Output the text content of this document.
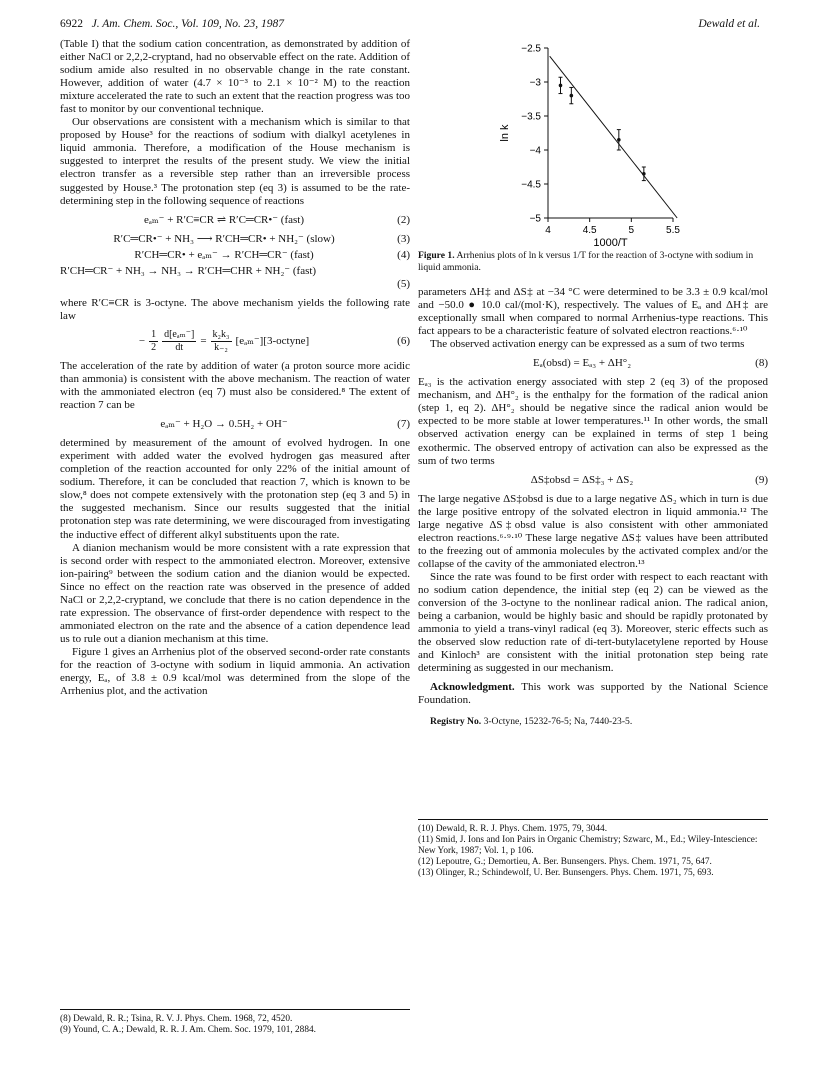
6922 J. Am. Chem. Soc., Vol. 109, No. 23, 1987	Dewald et al.

(Table I) that the sodium cation concentration, as demonstrated by addition of either NaCl or 2,2,2-cryptand, had no observable effect on the rate. Addition of sodium amide also resulted in no observable change in the rate constant. However, addition of water (4.7 × 10⁻³ to 2.1 × 10⁻² M) to the reaction mixture accelerated the rate to such an extent that the reaction progress was too fast to monitor by our conventional technique.

Our observations are consistent with a mechanism which is similar to that proposed by House³ for the reactions of sodium with dialkyl acetylenes in liquid ammonia. Therefore, a modification of the House mechanism is suggested to interpret the results of the present study. We view the initial electron transfer as a reversible step rather than an irreversible process suggested by House.³ The protonation step (eq 3) is assumed to be the rate-determining step in the following sequence of reactions

eₐₘ⁻ + R′C≡CR ⇌ R′C═CR•⁻ (fast)	(2)
R′C═CR•⁻ + NH₃ ⟶ R′CH═CR• + NH₂⁻ (slow)	(3)
R′CH═CR• + eₐₘ⁻ → R′CH═CR⁻ (fast)	(4)
R′CH═CR⁻ + NH₃ → NH₃ → R′CH═CHR + NH₂⁻ (fast)
(5)

where R′C≡CR is 3-octyne. The above mechanism yields the following rate law

− $\frac{1}{2} \frac{\text{d[eₐₘ⁻]}}{dt} = \frac{\text{k₂k₃}}{\text{k₋₂}}$ [eₐₘ⁻][3-octyne]	(6)

The acceleration of the rate by addition of water (a proton source more acidic than ammonia) is consistent with the above mechanism. The reaction of water with the ammoniated electron (eq 7) must also be considered.⁸ The extent of reaction 7 can be

eₐₘ⁻ + H₂O → 0.5H₂ + OH⁻	(7)

determined by measurement of the amount of evolved hydrogen. In one experiment with added water the evolved hydrogen gas measured after completion of the reaction accounted for only 22% of the initial amount of sodium. Therefore, it can be concluded that reaction 7, which is known to be slow,⁸ does not compete extensively with the protonation step (eq 3 and 5) in the suggested mechanism. Since our results suggested that the initial protonation step was rate determining, we were discouraged from investigating the inductive effect of different alkyl substituents upon the rate.

A dianion mechanism would be more consistent with a rate expression that is second order with respect to the ammoniated electron. Moreover, extensive ion-pairing⁹ between the sodium cation and the dianion would be expected. Since no effect on the reaction rate was observed in the presence of added NaCl or 2,2,2-cryptand, we conclude that there is no cation dependence in the rate expression. The observance of first-order dependence with respect to the ammoniated electron on the rate and the absence of a cation dependence lead us to rule out a dianion mechanism at this time.

Figure 1 gives an Arrhenius plot of the observed second-order rate constants for the reaction of 3-octyne with sodium in liquid ammonia. An activation energy, Eₐ, of 3.8 ± 0.9 kcal/mol was determined from the slope of the Arrhenius plot, and the activation

(8) Dewald, R. R.; Tsina, R. V. J. Phys. Chem. 1968, 72, 4520.

(9) Yound, C. A.; Dewald, R. R. J. Am. Chem. Soc. 1979, 101, 2884.

−2.5
−3
−3.5
−4
−4.5
−5
4	4.5	5	5.5
1000/T
ln k
Figure 1. Arrhenius plots of ln k versus 1/T for the reaction of 3-octyne with sodium in liquid ammonia.

parameters ΔH‡ and ΔS‡ at −34 °C were determined to be 3.3 ± 0.9 kcal/mol and −50.0 ● 10.0 cal/(mol·K), respectively. The values of Eₐ and ΔH‡ are exceptionally small when compared to normal Arrhenius-type reactions. This fact appears to be a characteristic feature of solvated electron reactions.⁶·¹⁰

The observed activation energy can be expressed as a sum of two terms

Eₐ(obsd) = Eₐ₃ + ΔH°₂	(8)

Eₐ₃ is the activation energy associated with step 2 (eq 3) of the proposed mechanism, and ΔH°₂ is the enthalpy for the formation of the radical anion (step 1, eq 2). ΔH°₂ should be negative since the radical anion would be expected to be more stable at lower temperatures.¹¹ In other words, the small observed activation energy can be explained in terms of step 1 being exothermic. The observed entropy of activation can also be expressed as the sum of two terms

ΔS‡obsd = ΔS‡₃ + ΔS₂	(9)

The large negative ΔS‡obsd is due to a large negative ΔS₂ which in turn is due the large positive entropy of the solvated electron in liquid ammonia.¹² The large negative ΔS‡obsd value is also consistent with other ammoniated electron reactions.⁶·⁹·¹⁰ These large negative ΔS‡ values have been attributed to the freezing out of ammonia molecules by the activated complex and/or the collapse of the cavity of the ammoniated electron.¹³

Since the rate was found to be first order with respect to each reactant with no sodium cation dependence, the initial step (eq 2) can be viewed as the conversion of the 3-octyne to the nonlinear radical anion. The radical anion, being a carbanion, would be highly basic and should be rapidly protonated by ammonia to yield a trans-vinyl radical (eq 3). Moreover, steric effects such as the observed slow reduction rate of di-tert-butylacetylene reported by House and Kinloch³ are consistent with the initial protonation step being rate determining as suggested in our mechanism.

Acknowledgment. This work was supported by the National Science Foundation.

Registry No. 3-Octyne, 15232-76-5; Na, 7440-23-5.

(10) Dewald, R. R. J. Phys. Chem. 1975, 79, 3044.

(11) Smid, J. Ions and Ion Pairs in Organic Chemistry; Szwarc, M., Ed.; Wiley-Intescience: New York, 1987; Vol. 1, p 106.

(12) Lepoutre, G.; Demortieu, A. Ber. Bunsengers. Phys. Chem. 1971, 75, 647.

(13) Olinger, R.; Schindewolf, U. Ber. Bunsengers. Phys. Chem. 1971, 75, 693.
